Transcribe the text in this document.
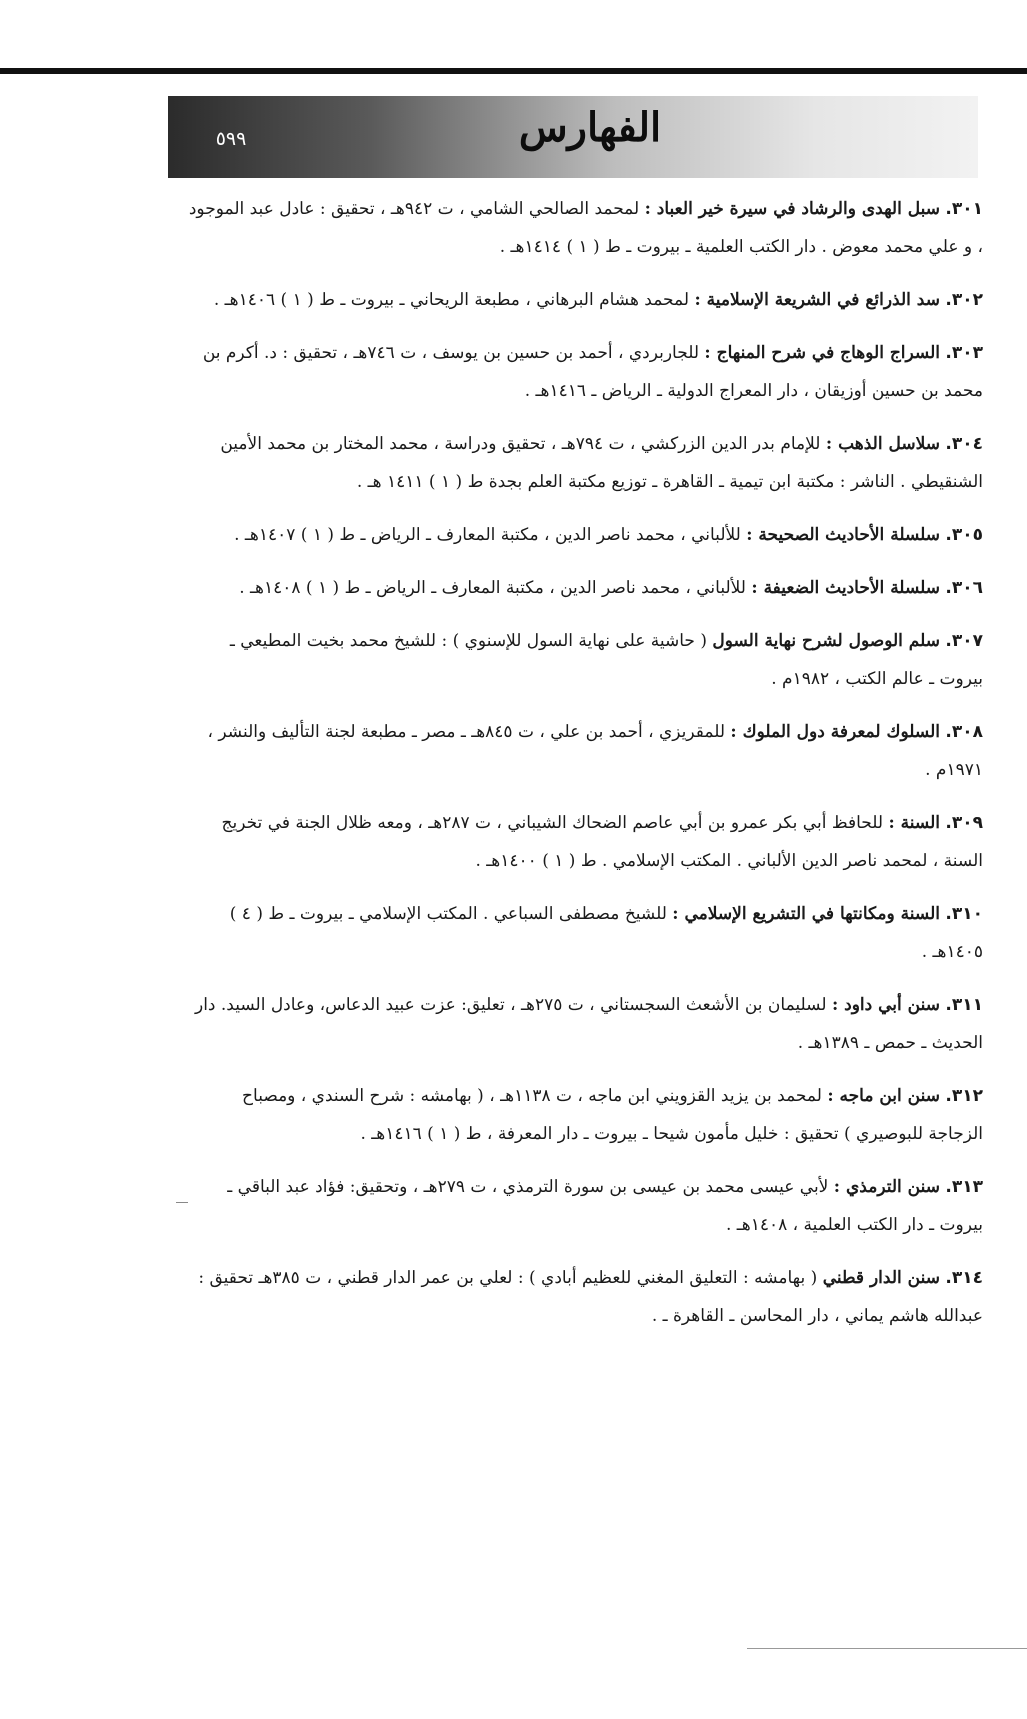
٥٩٩	الفهارس
٣٠١. سبل الهدى والرشاد في سيرة خير العباد : لمحمد الصالحي الشامي ، ت ٩٤٢هـ ، تحقيق : عادل عبد الموجود ، و علي محمد معوض . دار الكتب العلمية ـ بيروت ـ ط ( ١ ) ١٤١٤هـ .
٣٠٢. سد الذرائع في الشريعة الإسلامية : لمحمد هشام البرهاني ، مطبعة الريحاني ـ بيروت ـ ط ( ١ ) ١٤٠٦هـ .
٣٠٣. السراج الوهاج في شرح المنهاج : للجاربردي ، أحمد بن حسين بن يوسف ، ت ٧٤٦هـ ، تحقيق : د. أكرم بن محمد بن حسين أوزيقان ، دار المعراج الدولية ـ الرياض ـ ١٤١٦هـ .
٣٠٤. سلاسل الذهب : للإمام بدر الدين الزركشي ، ت ٧٩٤هـ ، تحقيق ودراسة ، محمد المختار بن محمد الأمين الشنقيطي . الناشر : مكتبة ابن تيمية ـ القاهرة ـ توزيع مكتبة العلم بجدة ط ( ١ ) ١٤١١ هـ .
٣٠٥. سلسلة الأحاديث الصحيحة : للألباني ، محمد ناصر الدين ، مكتبة المعارف ـ الرياض ـ ط ( ١ ) ١٤٠٧هـ .
٣٠٦. سلسلة الأحاديث الضعيفة : للألباني ، محمد ناصر الدين ، مكتبة المعارف ـ الرياض ـ ط ( ١ ) ١٤٠٨هـ .
٣٠٧. سلم الوصول لشرح نهاية السول ( حاشية على نهاية السول للإسنوي ) : للشيخ محمد بخيت المطيعي ـ بيروت ـ عالم الكتب ، ١٩٨٢م .
٣٠٨. السلوك لمعرفة دول الملوك : للمقريزي ، أحمد بن علي ، ت ٨٤٥هـ ـ مصر ـ مطبعة لجنة التأليف والنشر ، ١٩٧١م .
٣٠٩. السنة : للحافظ أبي بكر عمرو بن أبي عاصم الضحاك الشيباني ، ت ٢٨٧هـ ، ومعه ظلال الجنة في تخريج السنة ، لمحمد ناصر الدين الألباني . المكتب الإسلامي . ط ( ١ ) ١٤٠٠هـ .
٣١٠. السنة ومكانتها في التشريع الإسلامي : للشيخ مصطفى السباعي . المكتب الإسلامي ـ بيروت ـ ط ( ٤ ) ١٤٠٥هـ .
٣١١. سنن أبي داود : لسليمان بن الأشعث السجستاني ، ت ٢٧٥هـ ، تعليق: عزت عبيد الدعاس، وعادل السيد. دار الحديث ـ حمص ـ ١٣٨٩هـ .
٣١٢. سنن ابن ماجه : لمحمد بن يزيد القزويني ابن ماجه ، ت ١١٣٨هـ ، ( بهامشه : شرح السندي ، ومصباح الزجاجة للبوصيري ) تحقيق : خليل مأمون شيحا ـ بيروت ـ دار المعرفة ، ط ( ١ ) ١٤١٦هـ .
٣١٣. سنن الترمذي : لأبي عيسى محمد بن عيسى بن سورة الترمذي ، ت ٢٧٩هـ ، وتحقيق: فؤاد عبد الباقي ـ بيروت ـ دار الكتب العلمية ، ١٤٠٨هـ .
٣١٤. سنن الدار قطني ( بهامشه : التعليق المغني للعظيم أبادي ) : لعلي بن عمر الدار قطني ، ت ٣٨٥هـ تحقيق : عبدالله هاشم يماني ، دار المحاسن ـ القاهرة ـ .
